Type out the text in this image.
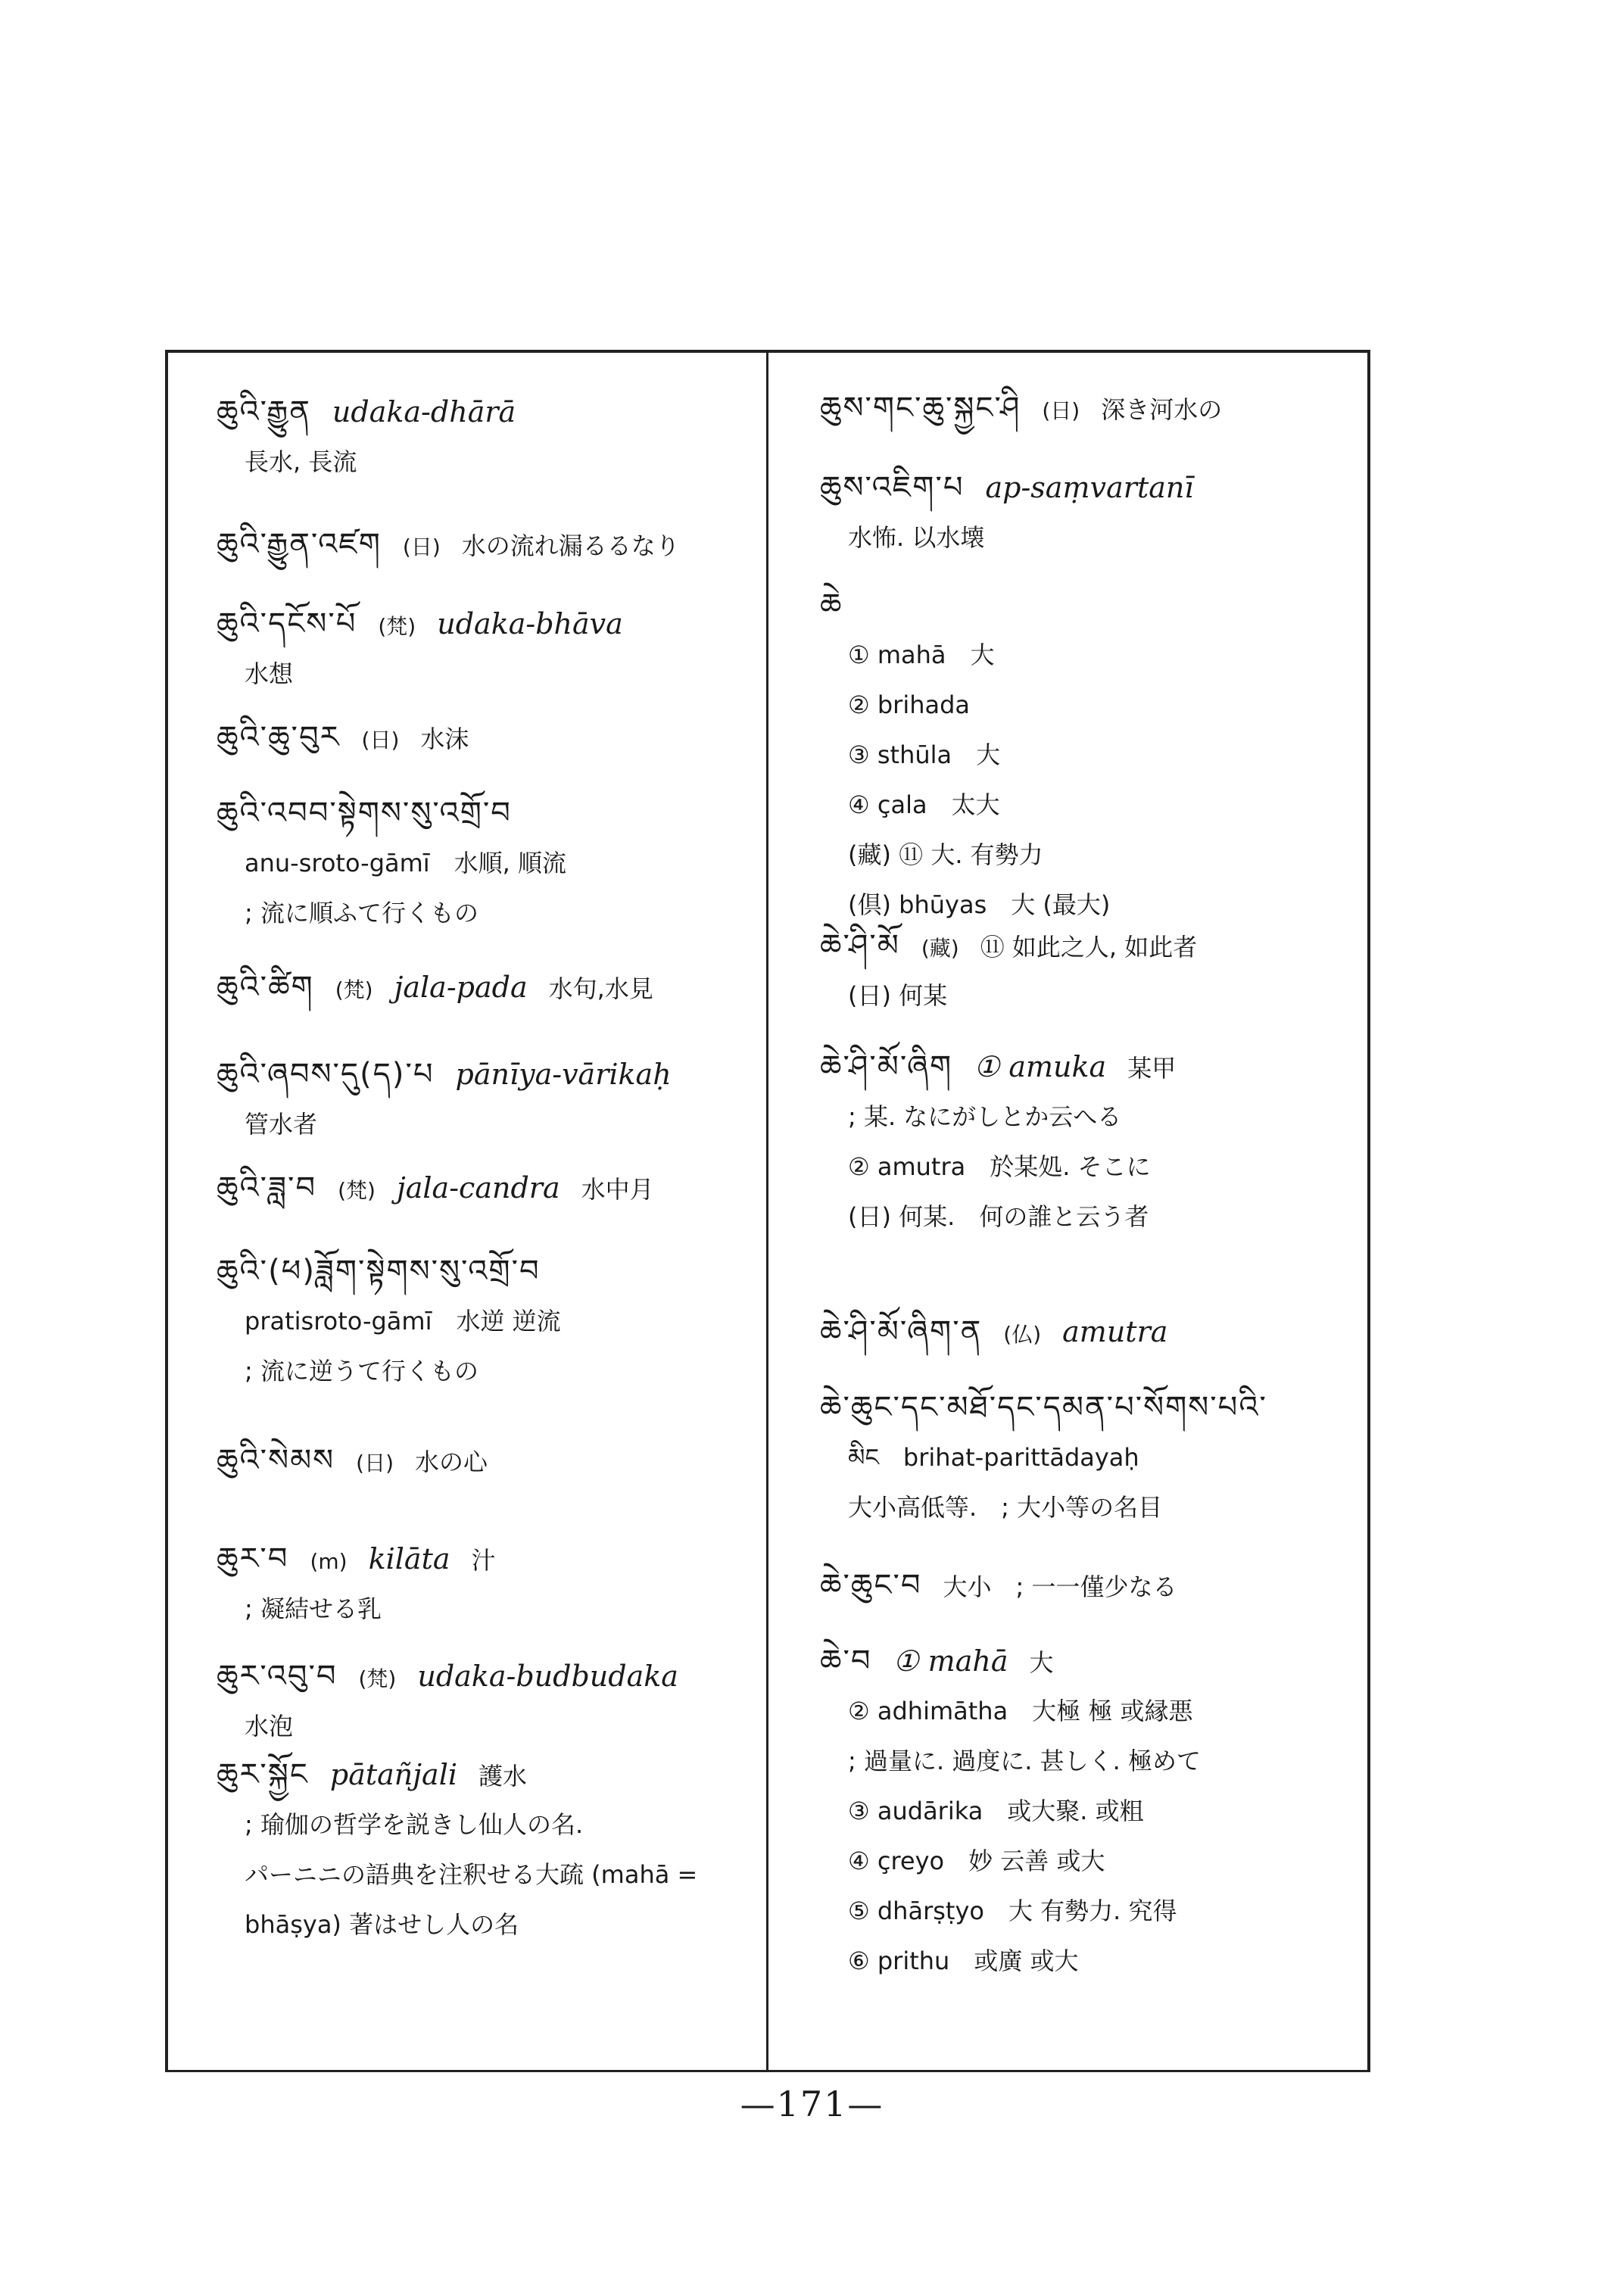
ཆུའི་རྒྱུན udaka-dhārā
長水, 長流
ཆུའི་རྒྱུན་འཛག (日) 水の流れ漏るるなり
ཆུའི་དངོས་པོ (梵) udaka-bhāva
水想
ཆུའི་ཆུ་བུར (日) 水沫
ཆུའི་འབབ་སྟེགས་སུ་འགྲོ་བ
anu-sroto-gāmī　水順, 順流
; 流に順ふて行くもの
ཆུའི་ཚིག (梵) jala-pada 水句,水見
ཆུའི་ཞབས་དུ(ད)་པ pānīya-vārikaḥ
管水者
ཆུའི་ཟླ་བ (梵) jala-candra 水中月
ཆུའི་(ཕ)ཟློག་སྟེགས་སུ་འགྲོ་བ
pratisroto-gāmī　水逆 逆流
; 流に逆うて行くもの
ཆུའི་སེམས (日) 水の心
ཆུར་བ (m) kilāta 汁
; 凝結せる乳
ཆུར་འབུ་བ (梵) udaka-budbudaka
水泡
ཆུར་སྐྱོང pātañjali 護水
; 瑜伽の哲学を説きし仙人の名.
パーニニの語典を注釈せる大疏 (mahā =
bhāṣya) 著はせし人の名
ཆུས་གང་ཆུ་སྐྱང་ཤི (日) 深き河水の
ཆུས་འཇིག་པ ap-saṃvartanī
水怖. 以水壊
ཆེ
① mahā　大
② brihada
③ sthūla　大
④ çala　太大
(藏) ⑪ 大. 有勢力
(倶) bhūyas　大 (最大)
ཆེ་ཤི་མོ (藏) ⑪ 如此之人, 如此者
(日) 何某
ཆེ་ཤི་མོ་ཞིག ① amuka 某甲
; 某. なにがしとか云へる
② amutra　於某処. そこに
(日) 何某.　何の誰と云う者
ཆེ་ཤི་མོ་ཞིག་ན (仏) amutra
ཆེ་ཆུང་དང་མཐོ་དང་དམན་པ་སོགས་པའི་
མིང　brihat-parittādayaḥ
大小高低等.　; 大小等の名目
ཆེ་ཆུང་བ 大小　; 一一僅少なる
ཆེ་བ ① mahā 大
② adhimātha　大極 極 或縁悪
; 過量に. 過度に. 甚しく. 極めて
③ audārika　或大聚. 或粗
④ çreyo　妙 云善 或大
⑤ dhārṣṭyo　大 有勢力. 究得
⑥ prithu　或廣 或大
—171—
